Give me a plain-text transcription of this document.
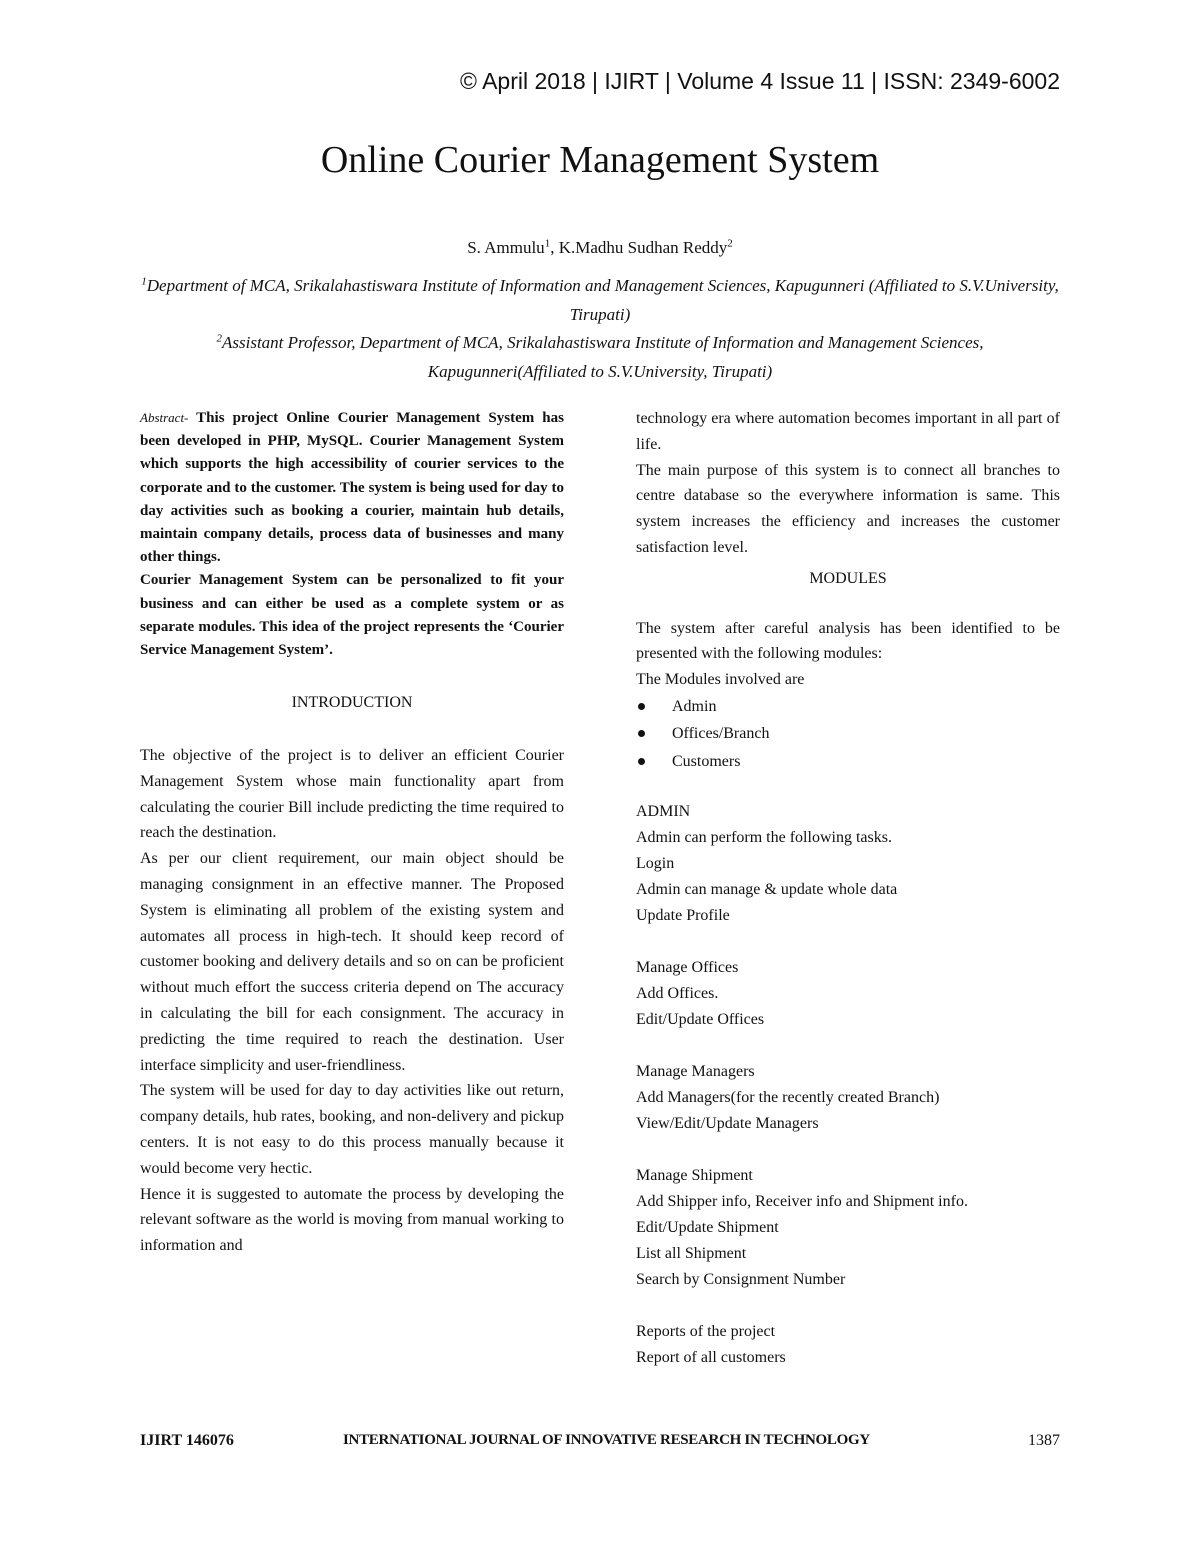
© April 2018 | IJIRT | Volume 4 Issue 11 | ISSN: 2349-6002
Online Courier Management System
S. Ammulu$^1$, K.Madhu Sudhan Reddy$^2$
$^1$Department of MCA, Srikalahastiswara Institute of Information and Management Sciences, Kapugunneri (Affiliated to S.V.University, Tirupati)
$^2$Assistant Professor, Department of MCA, Srikalahastiswara Institute of Information and Management Sciences, Kapugunneri(Affiliated to S.V.University, Tirupati)

Abstract- This project Online Courier Management System has been developed in PHP, MySQL. Courier Management System which supports the high accessibility of courier services to the corporate and to the customer. The system is being used for day to day activities such as booking a courier, maintain hub details, maintain company details, process data of businesses and many other things.

Courier Management System can be personalized to fit your business and can either be used as a complete system or as separate modules. This idea of the project represents the ‘Courier Service Management System’.

INTRODUCTION

The objective of the project is to deliver an efficient Courier Management System whose main functionality apart from calculating the courier Bill include predicting the time required to reach the destination.

As per our client requirement, our main object should be managing consignment in an effective manner. The Proposed System is eliminating all problem of the existing system and automates all process in high-tech. It should keep record of customer booking and delivery details and so on can be proficient without much effort the success criteria depend on The accuracy in calculating the bill for each consignment. The accuracy in predicting the time required to reach the destination. User interface simplicity and user-friendliness.

The system will be used for day to day activities like out return, company details, hub rates, booking, and non-delivery and pickup centers. It is not easy to do this process manually because it would become very hectic.

Hence it is suggested to automate the process by developing the relevant software as the world is moving from manual working to information and

technology era where automation becomes important in all part of life.

The main purpose of this system is to connect all branches to centre database so the everywhere information is same. This system increases the efficiency and increases the customer satisfaction level.

MODULES

The system after careful analysis has been identified to be presented with the following modules:

The Modules involved are

Admin
Offices/Branch
Customers

ADMIN

Admin can perform the following tasks.

Login

Admin can manage & update whole data

Update Profile

Manage Offices

Add Offices.

Edit/Update Offices

Manage Managers

Add Managers(for the recently created Branch)

View/Edit/Update Managers

Manage Shipment

Add Shipper info, Receiver info and Shipment info.

Edit/Update Shipment

List all Shipment

Search by Consignment Number

Reports of the project

Report of all customers

IJIRT 146076	INTERNATIONAL JOURNAL OF INNOVATIVE RESEARCH IN TECHNOLOGY	1387
